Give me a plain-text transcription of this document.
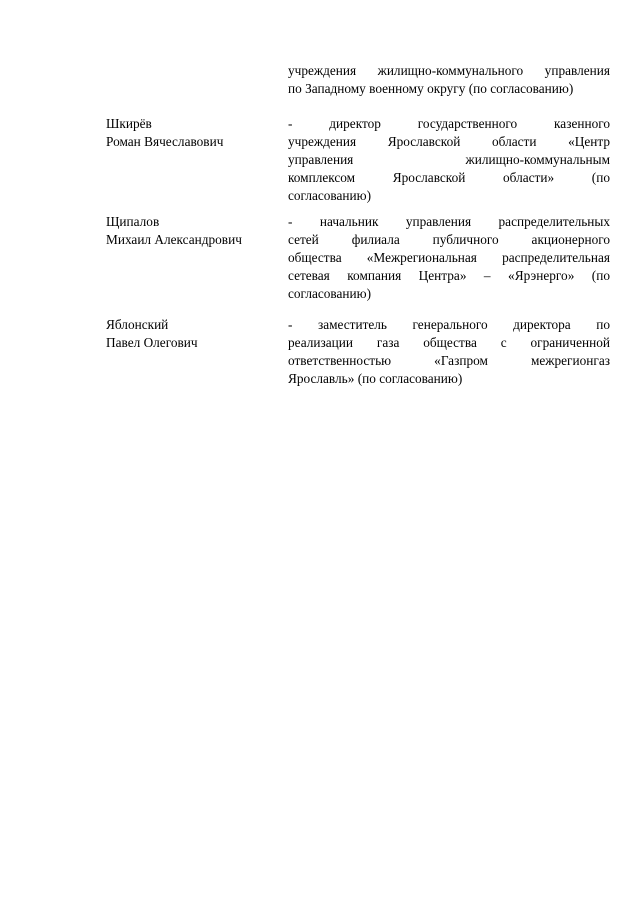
учреждения жилищно-коммунального управления
по Западному военному округу (по согласованию)
Шкирёв
Роман Вячеславович
- директор государственного казенного
учреждения Ярославской области «Центр
управления жилищно-коммунальным
комплексом Ярославской области» (по
согласованию)
Щипалов
Михаил Александрович
- начальник управления распределительных
сетей филиала публичного акционерного
общества «Межрегиональная распределительная
сетевая компания Центра» – «Ярэнерго» (по
согласованию)
Яблонский
Павел Олегович
- заместитель генерального директора по
реализации газа общества с ограниченной
ответственностью «Газпром межрегионгаз
Ярославль» (по согласованию)
